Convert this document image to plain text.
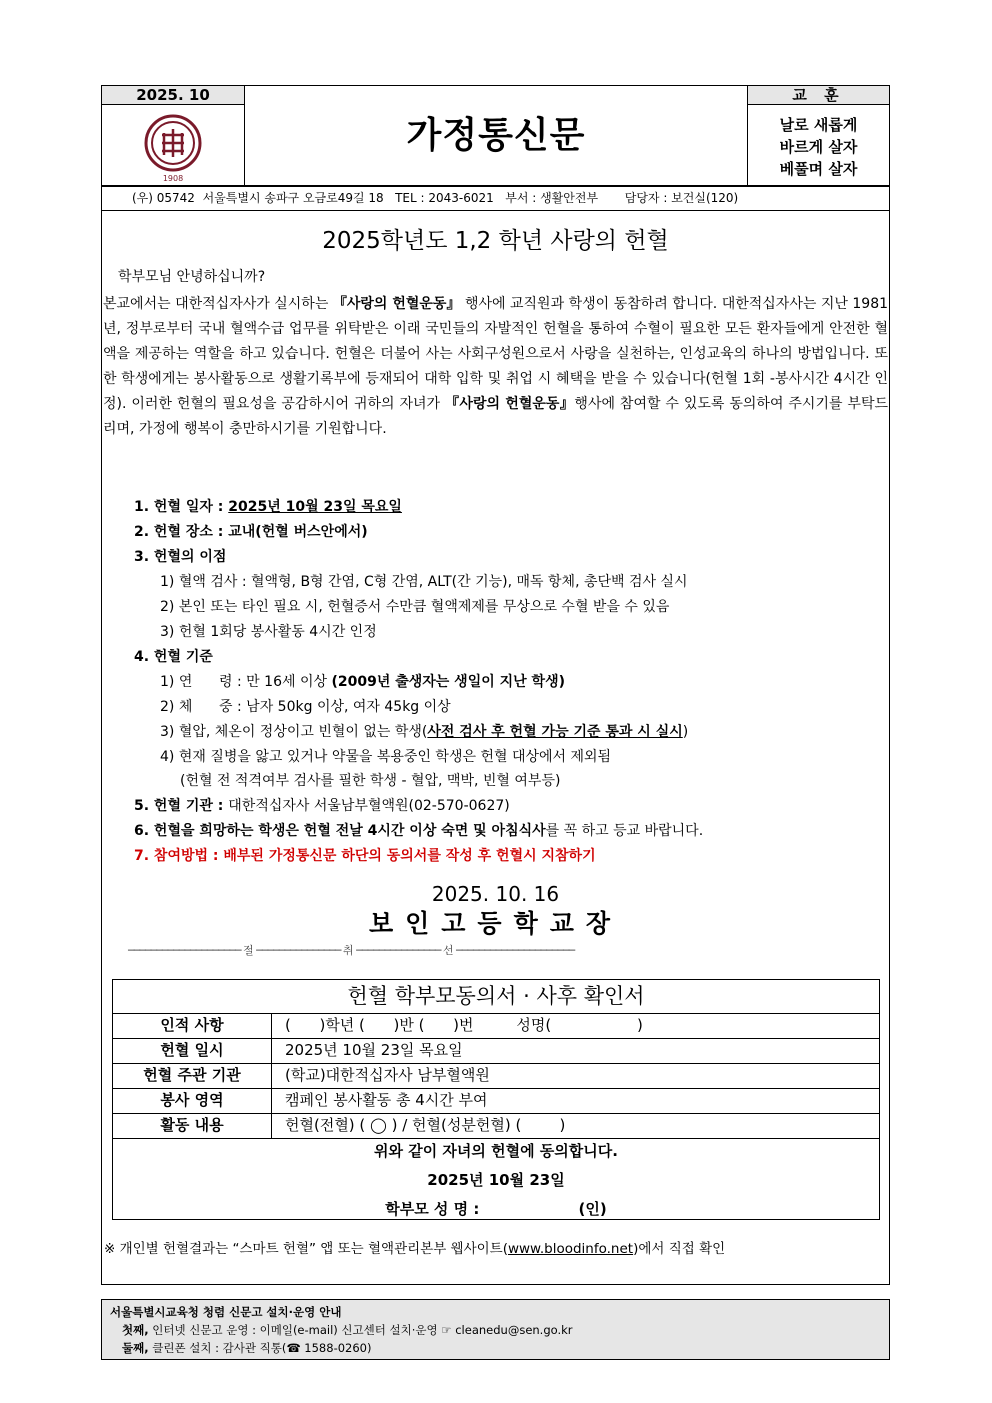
2025. 10
1908
가정통신문
교 훈
날로 새롭게
바르게 살자
베풀며 살자
(우) 05742  서울특별시 송파구 오금로49길 18   TEL : 2043-6021   부서 : 생활안전부       담당자 : 보건실(120)
2025학년도 1,2 학년 사랑의 헌혈
학부모님 안녕하십니까?
본교에서는 대한적십자사가 실시하는 『사랑의 헌혈운동』 행사에 교직원과 학생이 동참하려 합니다. 대한적십자사는 지난 1981년, 정부로부터 국내 혈액수급 업무를 위탁받은 이래 국민들의 자발적인 헌혈을 통하여 수혈이 필요한 모든 환자들에게 안전한 혈액을 제공하는 역할을 하고 있습니다. 헌혈은 더불어 사는 사회구성원으로서 사랑을 실천하는, 인성교육의 하나의 방법입니다. 또한 학생에게는 봉사활동으로 생활기록부에 등재되어 대학 입학 및 취업 시 혜택을 받을 수 있습니다(헌혈 1회 -봉사시간 4시간 인정). 이러한 헌혈의 필요성을 공감하시어 귀하의 자녀가 『사랑의 헌혈운동』행사에 참여할 수 있도록 동의하여 주시기를 부탁드리며, 가정에 행복이 충만하시기를 기원합니다.
1. 헌혈 일자 : 2025년 10월 23일 목요일
2. 헌혈 장소 : 교내(헌혈 버스안에서)
3. 헌혈의 이점
1) 혈액 검사 : 혈액형, B형 간염, C형 간염, ALT(간 기능), 매독 항체, 총단백 검사 실시
2) 본인 또는 타인 필요 시, 헌혈증서 수만큼 혈액제제를 무상으로 수혈 받을 수 있음
3) 헌혈 1회당 봉사활동 4시간 인정
4. 헌혈 기준
1) 연      령 : 만 16세 이상 (2009년 출생자는 생일이 지난 학생)
2) 체      중 : 남자 50kg 이상, 여자 45kg 이상
3) 혈압, 체온이 정상이고 빈혈이 없는 학생(사전 검사 후 헌혈 가능 기준 통과 시 실시)
4) 현재 질병을 앓고 있거나 약물을 복용중인 학생은 헌혈 대상에서 제외됨
(헌혈 전 적격여부 검사를 필한 학생 - 혈압, 맥박, 빈혈 여부등)
5. 헌혈 기관 : 대한적십자사 서울남부혈액원(02-570-0627)
6. 헌혈을 희망하는 학생은 헌혈 전날 4시간 이상 숙면 및 아침식사를 꼭 하고 등교 바랍니다.
7. 참여방법 : 배부된 가정통신문 하단의 동의서를 작성 후 헌혈시 지참하기
2025. 10. 16
보인고등학교장
──────────────────── 절 ─────────────── 취 ─────────────── 선 ─────────────────────
헌혈 학부모동의서 · 사후 확인서
인적 사항	(      )학년 (      )반 (      )번         성명(                  )
헌혈 일시	2025년 10월 23일 목요일
헌혈 주관 기관	(학교)대한적십자사 남부혈액원
봉사 영역	캠페인 봉사활동 총 4시간 부여
활동 내용	헌혈(전혈) ( ◯ ) / 헌혈(성분헌혈) (        )
위와 같이 자녀의 헌혈에 동의합니다.
2025년 10월 23일
학부모 성 명 :                   (인)
※ 개인별 헌혈결과는 “스마트 헌혈” 앱 또는 혈액관리본부 웹사이트(www.bloodinfo.net)에서 직접 확인
서울특별시교육청 청렴 신문고 설치·운영 안내
첫째, 인터넷 신문고 운영 : 이메일(e-mail) 신고센터 설치·운영 ☞ cleanedu@sen.go.kr
둘째, 클린폰 설치 : 감사관 직통(☎ 1588-0260)
